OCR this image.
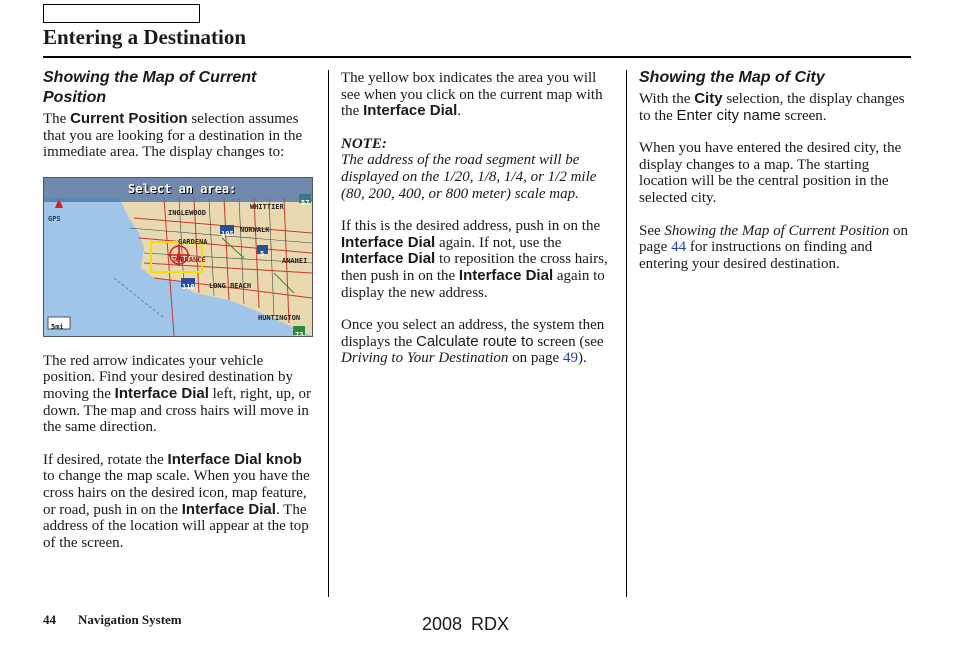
Entering a Destination
Showing the Map of Current Position

The Current Position selection assumes that you are looking for a destination in the immediate area. The display changes to:

Select an area:
GPS
INGLEWOOD
WHITTIER
NORWALK
GARDENA
TORRANCE	ANAHEI
LONG BEACH
HUNTINGTON
105
5
110
73
57
5mi

The red arrow indicates your vehicle position. Find your desired destination by moving the Interface Dial left, right, up, or down. The map and cross hairs will move in the same direction.

If desired, rotate the Interface Dial knob to change the map scale. When you have the cross hairs on the desired icon, map feature, or road, push in on the Interface Dial. The address of the location will appear at the top of the screen.

The yellow box indicates the area you will see when you click on the current map with the Interface Dial.

NOTE:

The address of the road segment will be displayed on the 1/20, 1/8, 1/4, or 1/2 mile (80, 200, 400, or 800 meter) scale map.

If this is the desired address, push in on the Interface Dial again. If not, use the Interface Dial to reposition the cross hairs, then push in on the Interface Dial again to display the new address.

Once you select an address, the system then displays the Calculate route to screen (see Driving to Your Destination on page 49).

Showing the Map of City

With the City selection, the display changes to the Enter city name screen.

When you have entered the desired city, the display changes to a map. The starting location will be the central position in the selected city.

See Showing the Map of Current Position on page 44 for instructions on finding and entering your desired destination.

44 Navigation System	2008 RDX
